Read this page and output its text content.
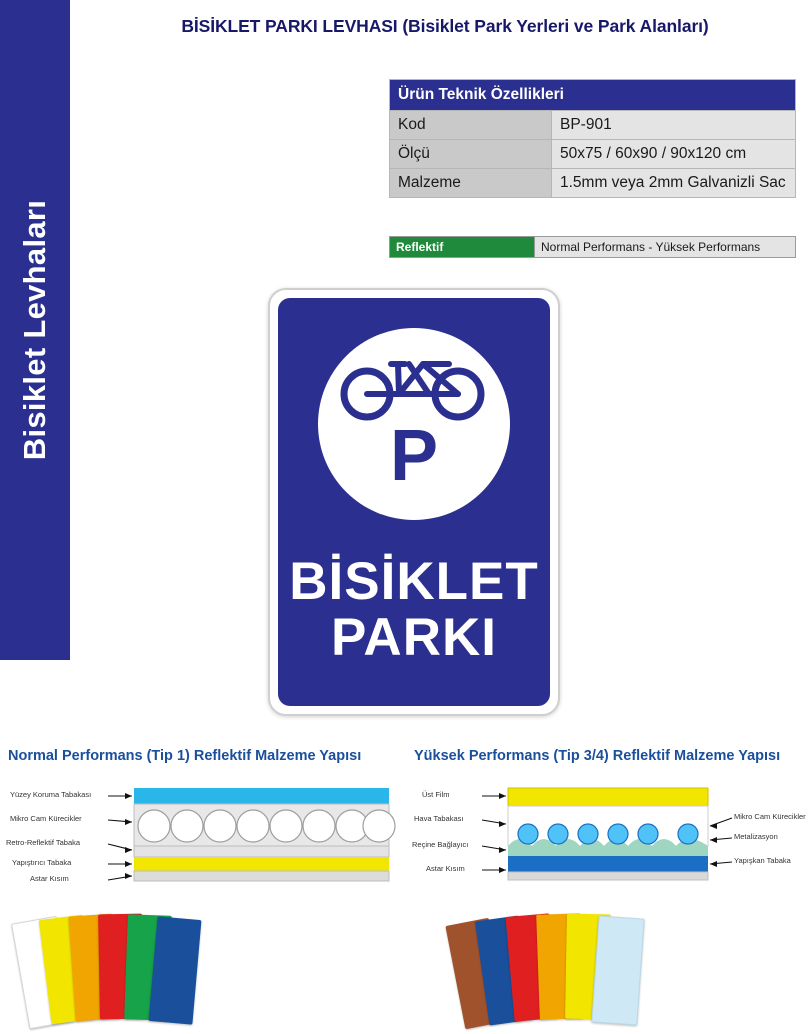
Bisiklet Levhaları
BİSİKLET PARKI LEVHASI (Bisiklet Park Yerleri ve Park Alanları)
Ürün Teknik Özellikleri	
Kod	BP-901
Ölçü	50x75 / 60x90 / 90x120 cm
Malzeme	1.5mm veya 2mm Galvanizli Sac
Reflektif	Normal Performans - Yüksek Performans
P
BİSİKLET
PARKI
Normal Performans (Tip 1) Reflektif Malzeme Yapısı	Yüksek Performans (Tip 3/4) Reflektif Malzeme Yapısı
Yüzey Koruma Tabakası
Mikro Cam Kürecikler
Retro-Reflektif Tabaka
Yapıştırıcı Tabaka
Astar Kısım
Üst Film
Hava Tabakası
Reçine Bağlayıcı
Astar Kısım
Mikro Cam Kürecikler
Metalizasyon
Yapışkan Tabaka
